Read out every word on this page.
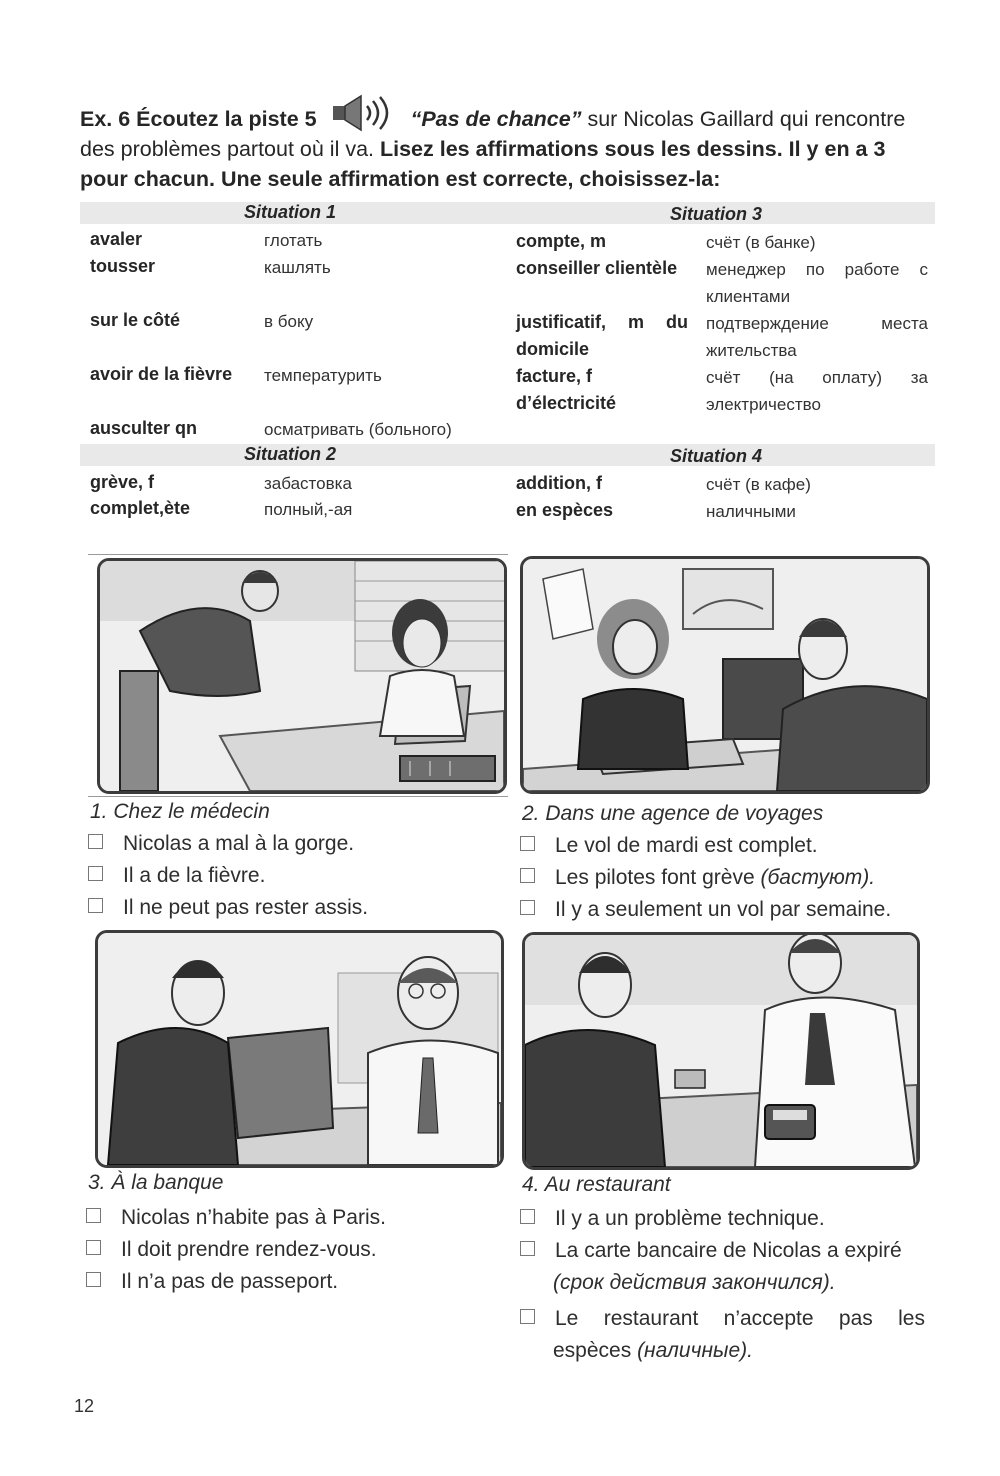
Ex. 6 Écoutez la piste 5	“Pas de chance” sur Nicolas Gaillard qui rencontre
des problèmes partout où il va. Lisez les affirmations sous les dessins. Il y en a 3
pour chacun. Une seule affirmation est correcte, choisissez-la:
Situation 1	Situation 3
Situation 2	Situation 4
avaler	глотать
tousser	кашлять
sur le côté	в боку
avoir de la fièvre температурить
ausculter qn	осматривать (больного)
compte, m	счёт (в банке)
conseiller clientèle менеджер по работе с клиентами
justificatif, m du domicile
подтверждение места жительства
facture, f d’électricité
счёт (на оплату) за электричество
grève, f	забастовка
complet,ète	полный,-ая
addition, f	счёт (в кафе)
en espèces	наличными
1. Chez le médecin
Nicolas a mal à la gorge.
Il a de la fièvre.
Il ne peut pas rester assis.
2. Dans une agence de voyages
Le vol de mardi est complet.
Les pilotes font grève (бастуют).
Il y a seulement un vol par semaine.
3. À la banque
Nicolas n’habite pas à Paris.
Il doit prendre rendez-vous.
Il n’a pas de passeport.
4. Au restaurant
Il y a un problème technique.
La carte bancaire de Nicolas a expiré
(срок действия закончился).
Le restaurant n’accepte pas les espèces (наличные).
12
